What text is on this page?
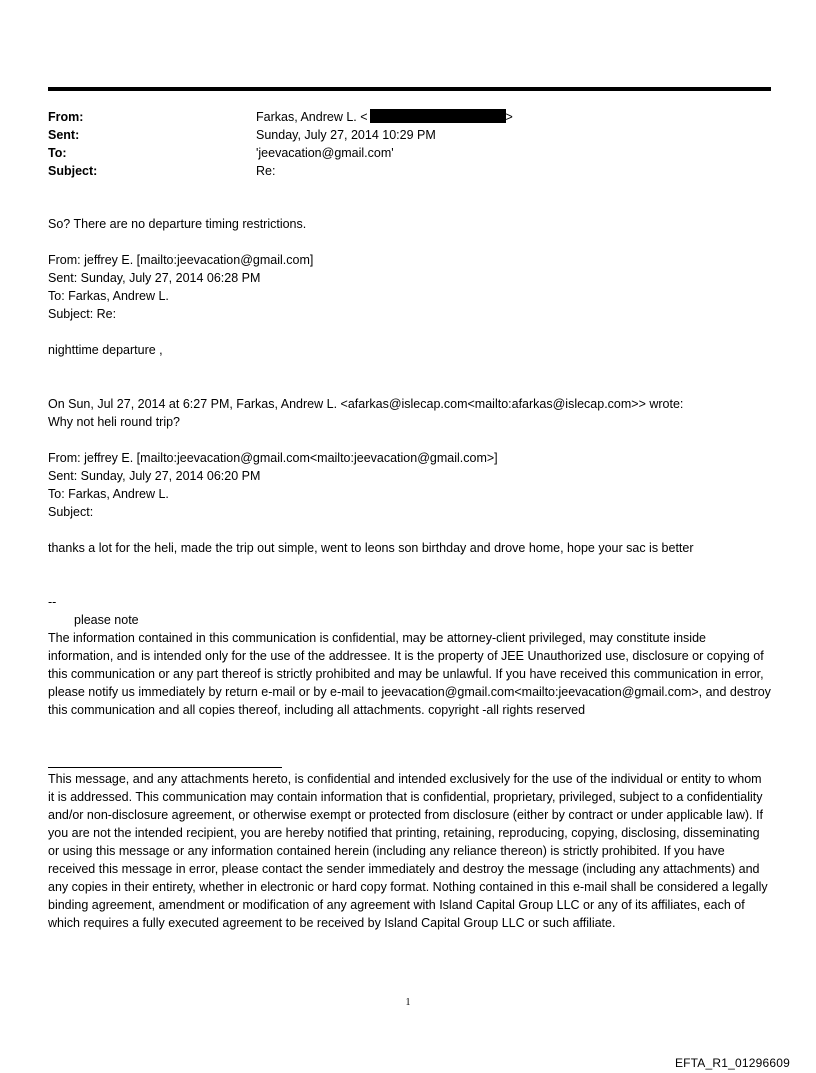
From:	Farkas, Andrew L. <	>
Sent:	Sunday, July 27, 2014 10:29 PM
To:	'jeevacation@gmail.com'
Subject:	Re:

So? There are no departure timing restrictions.

From: jeffrey E. [mailto:jeevacation@gmail.com]

Sent: Sunday, July 27, 2014 06:28 PM

To: Farkas, Andrew L.

Subject: Re:

nighttime departure ,

On Sun, Jul 27, 2014 at 6:27 PM, Farkas, Andrew L. <afarkas@islecap.com<mailto:afarkas@islecap.com>> wrote:

Why not heli round trip?

From: jeffrey E. [mailto:jeevacation@gmail.com<mailto:jeevacation@gmail.com>]

Sent: Sunday, July 27, 2014 06:20 PM

To: Farkas, Andrew L.

Subject:

thanks a lot for the heli, made the trip out simple, went to leons son birthday and drove home, hope your sac is better

--

please note

The information contained in this communication is confidential, may be attorney-client privileged, may constitute inside information, and is intended only for the use of the addressee. It is the property of JEE Unauthorized use, disclosure or copying of this communication or any part thereof is strictly prohibited and may be unlawful. If you have received this communication in error, please notify us immediately by return e-mail or by e-mail to jeevacation@gmail.com<mailto:jeevacation@gmail.com>, and destroy this communication and all copies thereof, including all attachments. copyright -all rights reserved

This message, and any attachments hereto, is confidential and intended exclusively for the use of the individual or entity to whom it is addressed. This communication may contain information that is confidential, proprietary, privileged, subject to a confidentiality and/or non-disclosure agreement, or otherwise exempt or protected from disclosure (either by contract or under applicable law). If you are not the intended recipient, you are hereby notified that printing, retaining, reproducing, copying, disclosing, disseminating or using this message or any information contained herein (including any reliance thereon) is strictly prohibited. If you have received this message in error, please contact the sender immediately and destroy the message (including any attachments) and any copies in their entirety, whether in electronic or hard copy format. Nothing contained in this e-mail shall be considered a legally binding agreement, amendment or modification of any agreement with Island Capital Group LLC or any of its affiliates, each of which requires a fully executed agreement to be received by Island Capital Group LLC or such affiliate.

1
EFTA_R1_01296609
